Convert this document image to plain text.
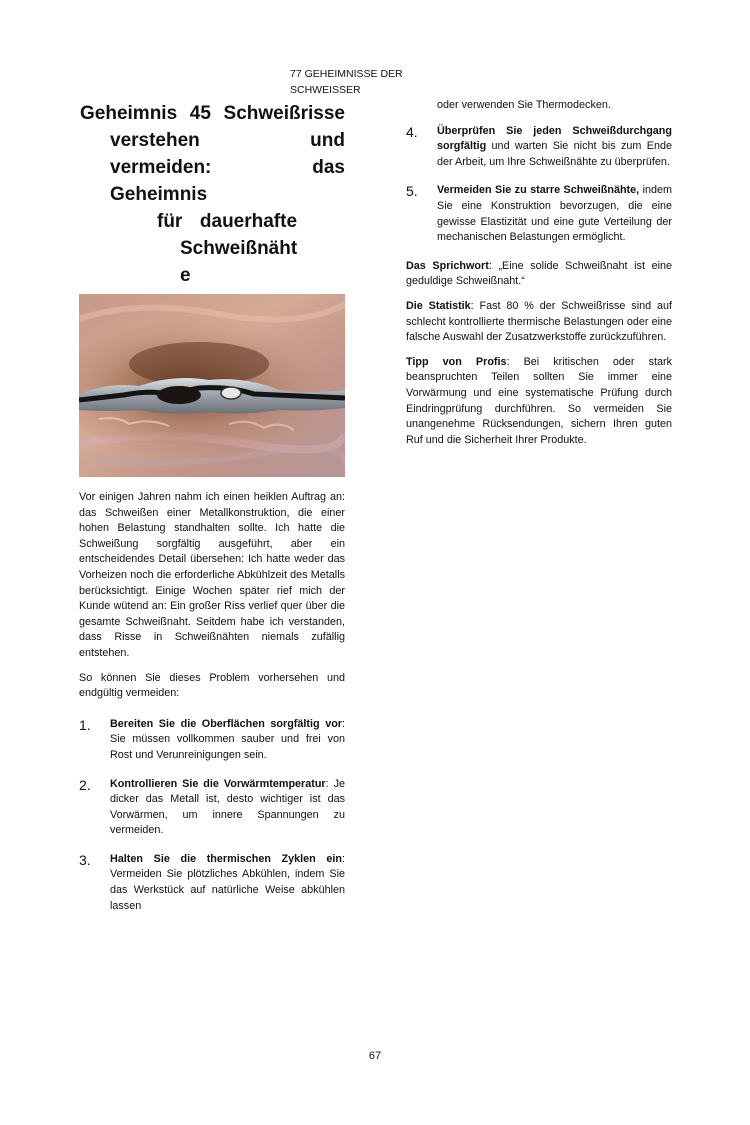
77 GEHEIMNISSE DER SCHWEISSER
Geheimnis 45 Schweißrisse
verstehen	und
vermeiden:	das
Geheimnis
für dauerhafte
Schweißnäht
e

Vor einigen Jahren nahm ich einen heiklen Auftrag an: das Schweißen einer Metallkonstruktion, die einer hohen Belastung standhalten sollte. Ich hatte die Schweißung sorgfältig ausgeführt, aber ein entscheidendes Detail übersehen: Ich hatte weder das Vorheizen noch die erforderliche Abkühlzeit des Metalls berücksichtigt. Einige Wochen später rief mich der Kunde wütend an: Ein großer Riss verlief quer über die gesamte Schweißnaht. Seitdem habe ich verstanden, dass Risse in Schweißnähten niemals zufällig entstehen.

So können Sie dieses Problem vorhersehen und endgültig vermeiden:

1.	Bereiten Sie die Oberflächen sorgfältig vor: Sie müssen vollkommen sauber und frei von Rost und Verunreinigungen sein.
2.	Kontrollieren Sie die Vorwärmtemperatur: Je dicker das Metall ist, desto wichtiger ist das Vorwärmen, um innere Spannungen zu vermeiden.
3.	Halten Sie die thermischen Zyklen ein: Vermeiden Sie plötzliches Abkühlen, indem Sie das Werkstück auf natürliche Weise abkühlen lassen

oder verwenden Sie Thermodecken.

4.	Überprüfen Sie jeden Schweißdurchgang sorgfältig und warten Sie nicht bis zum Ende der Arbeit, um Ihre Schweißnähte zu überprüfen.
5.	Vermeiden Sie zu starre Schweißnähte, indem Sie eine Konstruktion bevorzugen, die eine gewisse Elastizität und eine gute Verteilung der mechanischen Belastungen ermöglicht.

Das Sprichwort: „Eine solide Schweißnaht ist eine geduldige Schweißnaht.“

Die Statistik: Fast 80 % der Schweißrisse sind auf schlecht kontrollierte thermische Belastungen oder eine falsche Auswahl der Zusatzwerkstoffe zurückzuführen.

Tipp von Profis: Bei kritischen oder stark beanspruchten Teilen sollten Sie immer eine Vorwärmung und eine systematische Prüfung durch Eindringprüfung durchführen. So vermeiden Sie unangenehme Rücksendungen, sichern Ihren guten Ruf und die Sicherheit Ihrer Produkte.

67
